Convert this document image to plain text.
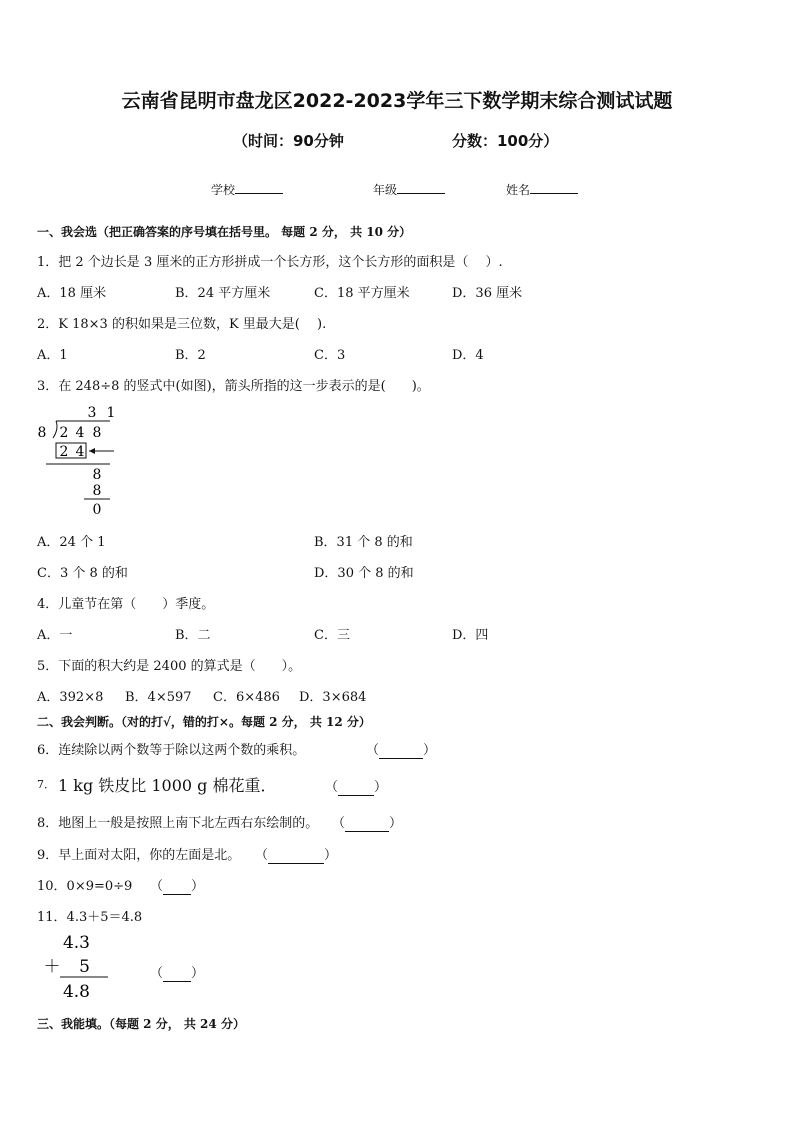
云南省昆明市盘龙区2022-2023学年三下数学期末综合测试试题
（时间：90分钟	分数：100分）
学校	年级	姓名
一、我会选（把正确答案的序号填在括号里。 每题 2 分， 共 10 分）
1．把 2 个边长是 3 厘米的正方形拼成一个长方形，这个长方形的面积是（　 ）.
A．18 厘米	B．24 平方厘米	C．18 平方厘米	D．36 厘米
2．K 18×3 的积如果是三位数，K 里最大是(　 ).
A．1	B．2	C．3	D．4
3．在 248÷8 的竖式中(如图)，箭头所指的这一步表示的是(　　)。
3 1
8 2 4 8
2 4
8
8
0
A．24 个 1	B．31 个 8 的和
C．3 个 8 的和	D．30 个 8 的和
4．儿童节在第（　　）季度。
A．一	B．二	C．三	D．四
5．下面的积大约是 2400 的算式是（　　）。
A．392×8 B．4×597 C．6×486 D．3×684
二、我会判断。（对的打√，错的打×。每题 2 分， 共 12 分）
6．连续除以两个数等于除以这两个数的乘积。	（	）
7． 1 kg 铁皮比 1000 g 棉花重．	（	）
8．地图上一般是按照上南下北左西右东绘制的。 （	）
9．早上面对太阳，你的左面是北。 （	）
10．0×9=0÷9 （ ）
11．4.3＋5＝4.8
4.3
＋ 5
4.8
（ ）
三、我能填。（每题 2 分， 共 24 分）
